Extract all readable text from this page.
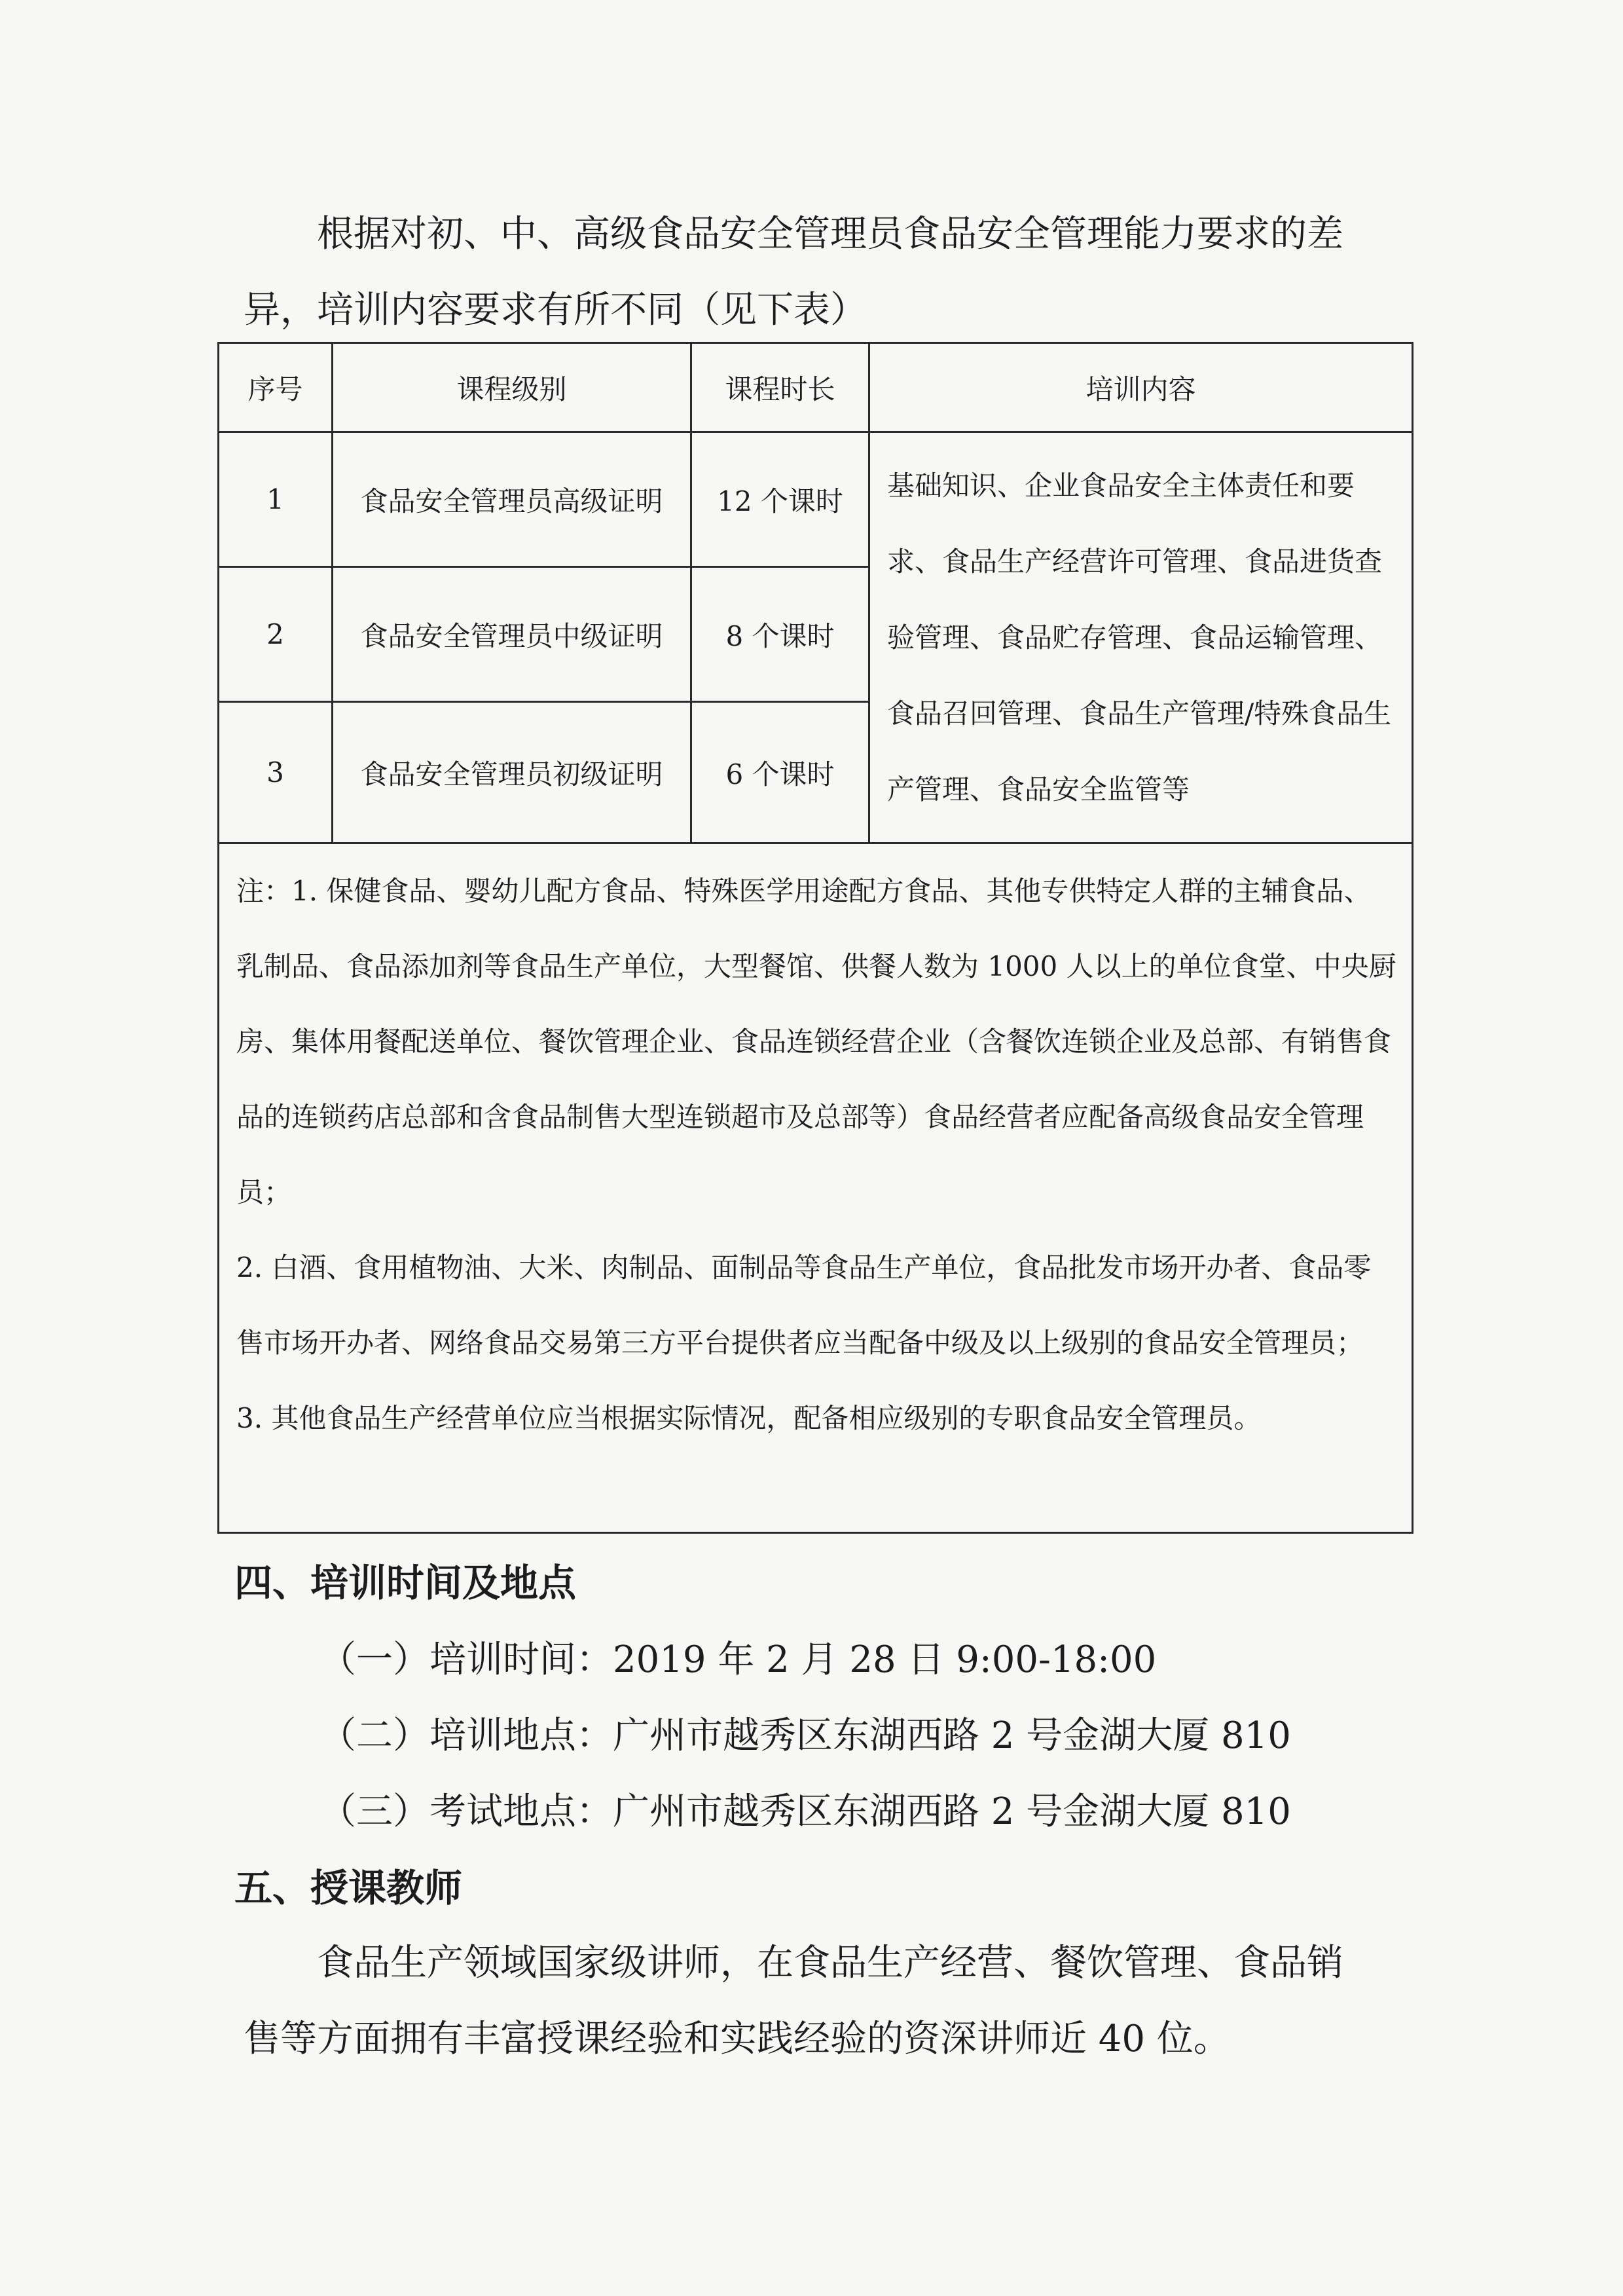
根据对初、中、高级食品安全管理员食品安全管理能力要求的差异，培训内容要求有所不同（见下表）

序号	课程级别	课程时长	培训内容
1	食品安全管理员高级证明	12 个课时	基础知识、企业食品安全主体责任和要求、食品生产经营许可管理、食品进货查验管理、食品贮存管理、食品运输管理、食品召回管理、食品生产管理/特殊食品生产管理、食品安全监管等
2	食品安全管理员中级证明	8 个课时	
3	食品安全管理员初级证明	6 个课时	

注：1. 保健食品、婴幼儿配方食品、特殊医学用途配方食品、其他专供特定人群的主辅食品、乳制品、食品添加剂等食品生产单位，大型餐馆、供餐人数为 1000 人以上的单位食堂、中央厨房、集体用餐配送单位、餐饮管理企业、食品连锁经营企业（含餐饮连锁企业及总部、有销售食品的连锁药店总部和含食品制售大型连锁超市及总部等）食品经营者应配备高级食品安全管理员；
2. 白酒、食用植物油、大米、肉制品、面制品等食品生产单位，食品批发市场开办者、食品零售市场开办者、网络食品交易第三方平台提供者应当配备中级及以上级别的食品安全管理员；
3. 其他食品生产经营单位应当根据实际情况，配备相应级别的专职食品安全管理员。			

四、培训时间及地点

（一）培训时间：2019 年 2 月 28 日 9:00-18:00

（二）培训地点：广州市越秀区东湖西路 2 号金湖大厦 810

（三）考试地点：广州市越秀区东湖西路 2 号金湖大厦 810

五、授课教师

食品生产领域国家级讲师，在食品生产经营、餐饮管理、食品销售等方面拥有丰富授课经验和实践经验的资深讲师近 40 位。
